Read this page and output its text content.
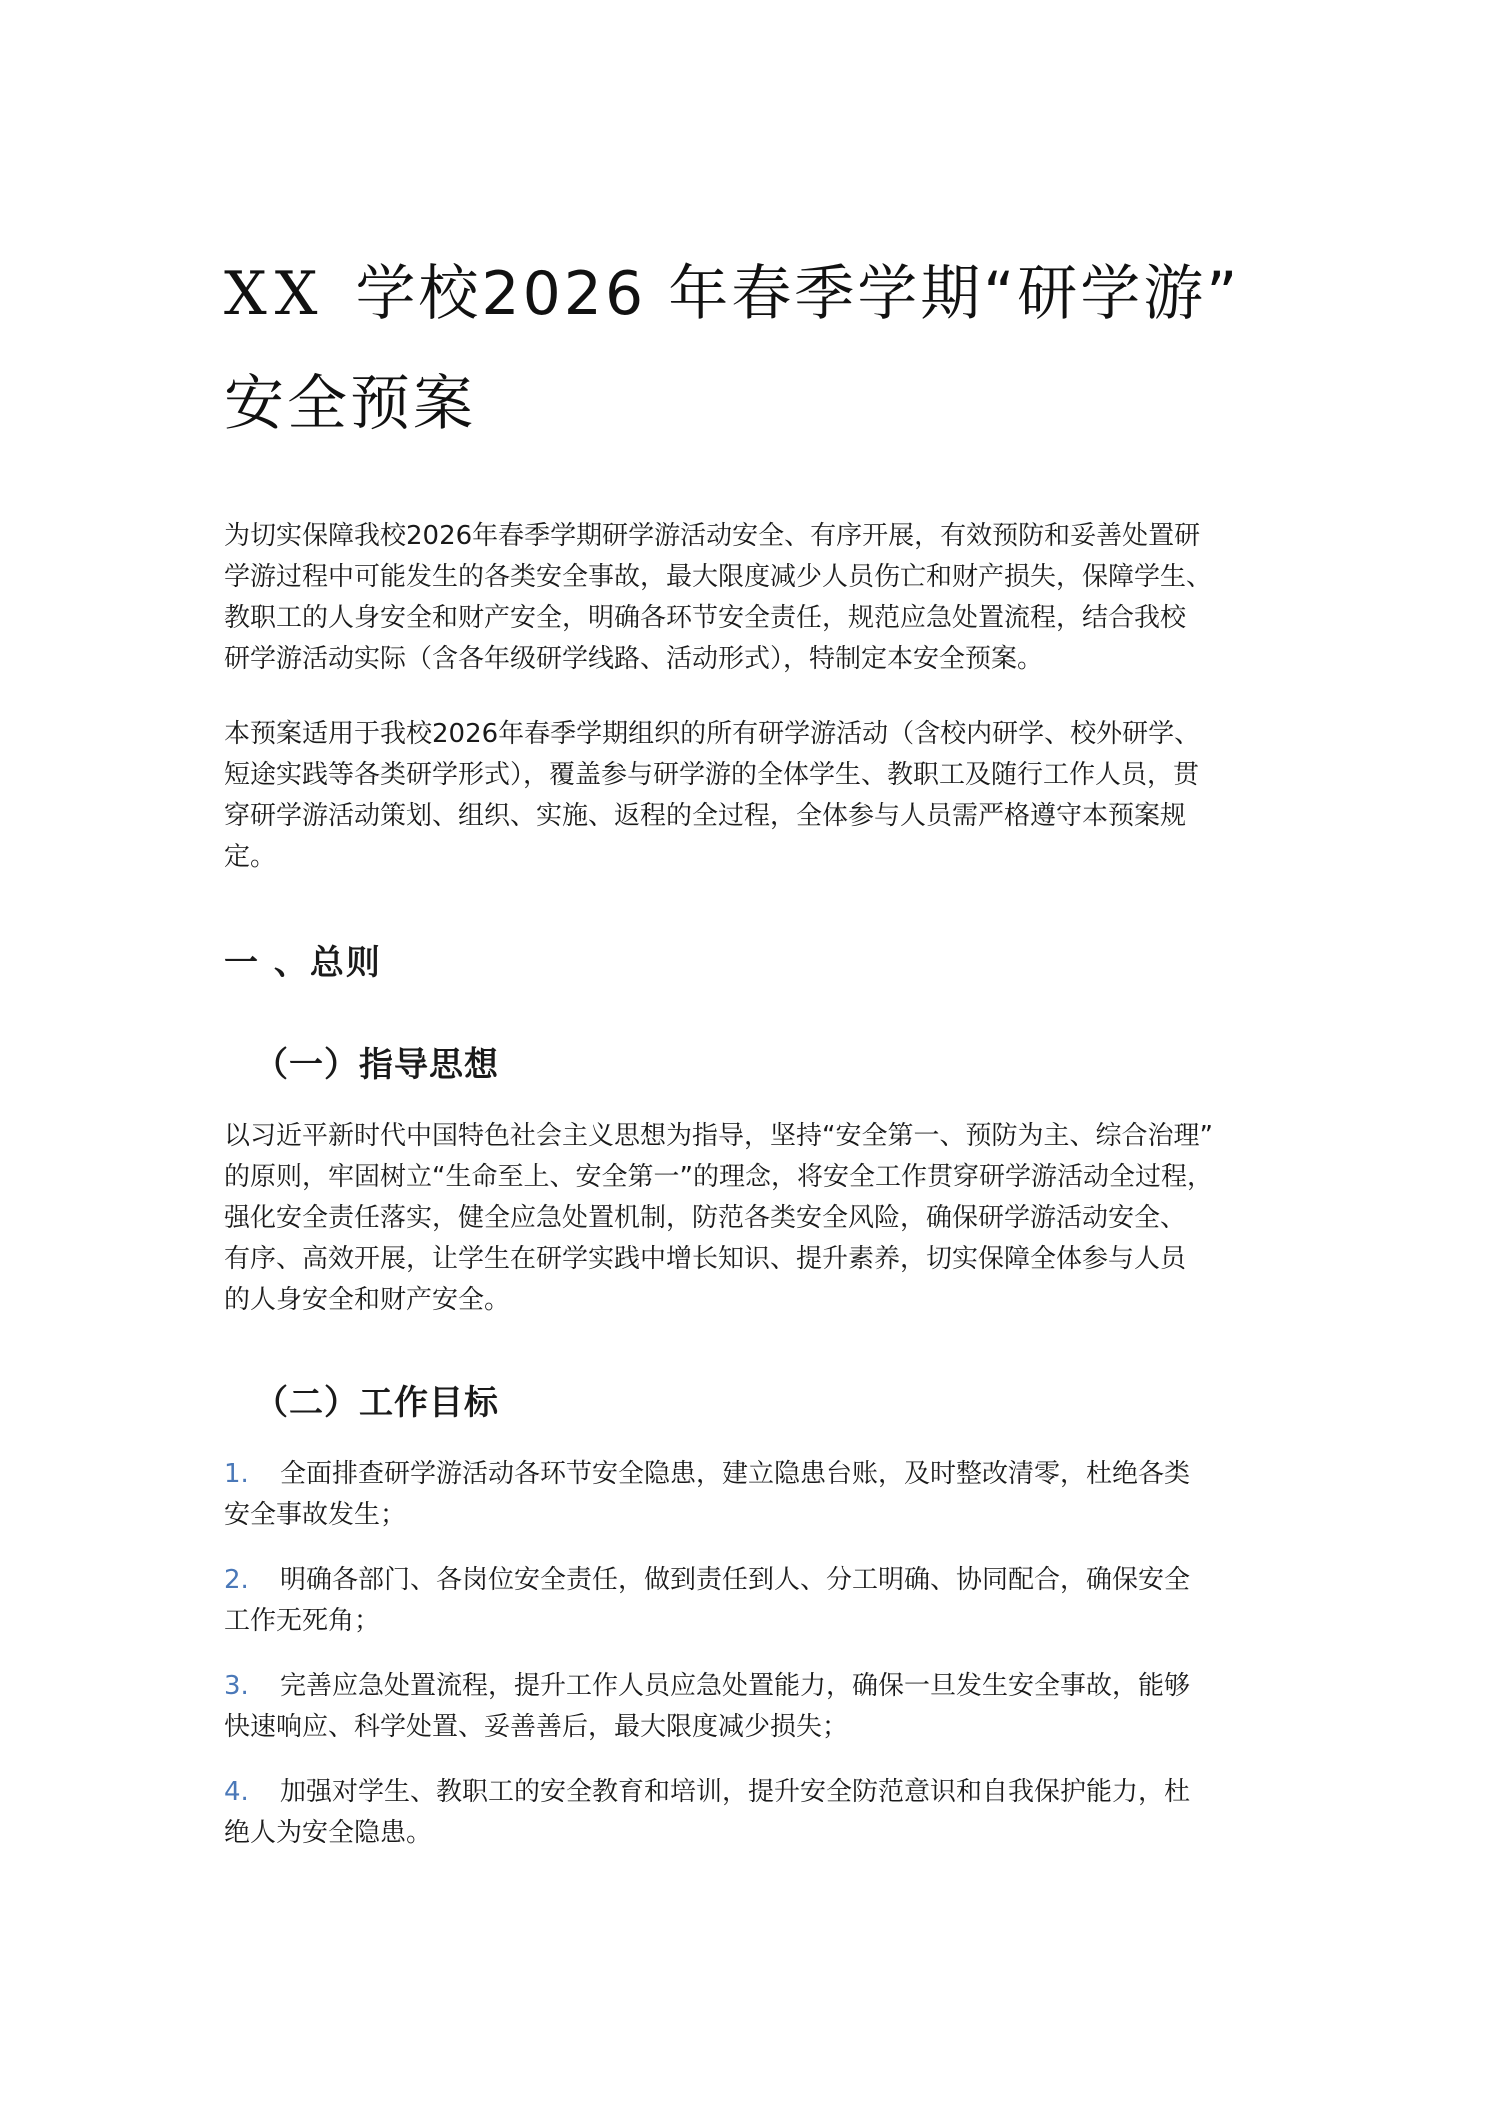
XX 学校2026 年春季学期“研学游”
安全预案

为切实保障我校2026年春季学期研学游活动安全、有序开展，有效预防和妥善处置研
学游过程中可能发生的各类安全事故，最大限度减少人员伤亡和财产损失，保障学生、
教职工的人身安全和财产安全，明确各环节安全责任，规范应急处置流程，结合我校
研学游活动实际（含各年级研学线路、活动形式），特制定本安全预案。

本预案适用于我校2026年春季学期组织的所有研学游活动（含校内研学、校外研学、
短途实践等各类研学形式），覆盖参与研学游的全体学生、教职工及随行工作人员，贯
穿研学游活动策划、组织、实施、返程的全过程，全体参与人员需严格遵守本预案规
定。

一 、总则
（一）指导思想

以习近平新时代中国特色社会主义思想为指导，坚持“安全第一、预防为主、综合治理”
的原则，牢固树立“生命至上、安全第一”的理念，将安全工作贯穿研学游活动全过程，
强化安全责任落实，健全应急处置机制，防范各类安全风险，确保研学游活动安全、
有序、高效开展，让学生在研学实践中增长知识、提升素养，切实保障全体参与人员
的人身安全和财产安全。

（二）工作目标

1. 全面排查研学游活动各环节安全隐患，建立隐患台账，及时整改清零，杜绝各类
安全事故发生；

2. 明确各部门、各岗位安全责任，做到责任到人、分工明确、协同配合，确保安全
工作无死角；

3. 完善应急处置流程，提升工作人员应急处置能力，确保一旦发生安全事故，能够
快速响应、科学处置、妥善善后，最大限度减少损失；

4. 加强对学生、教职工的安全教育和培训，提升安全防范意识和自我保护能力，杜
绝人为安全隐患。
